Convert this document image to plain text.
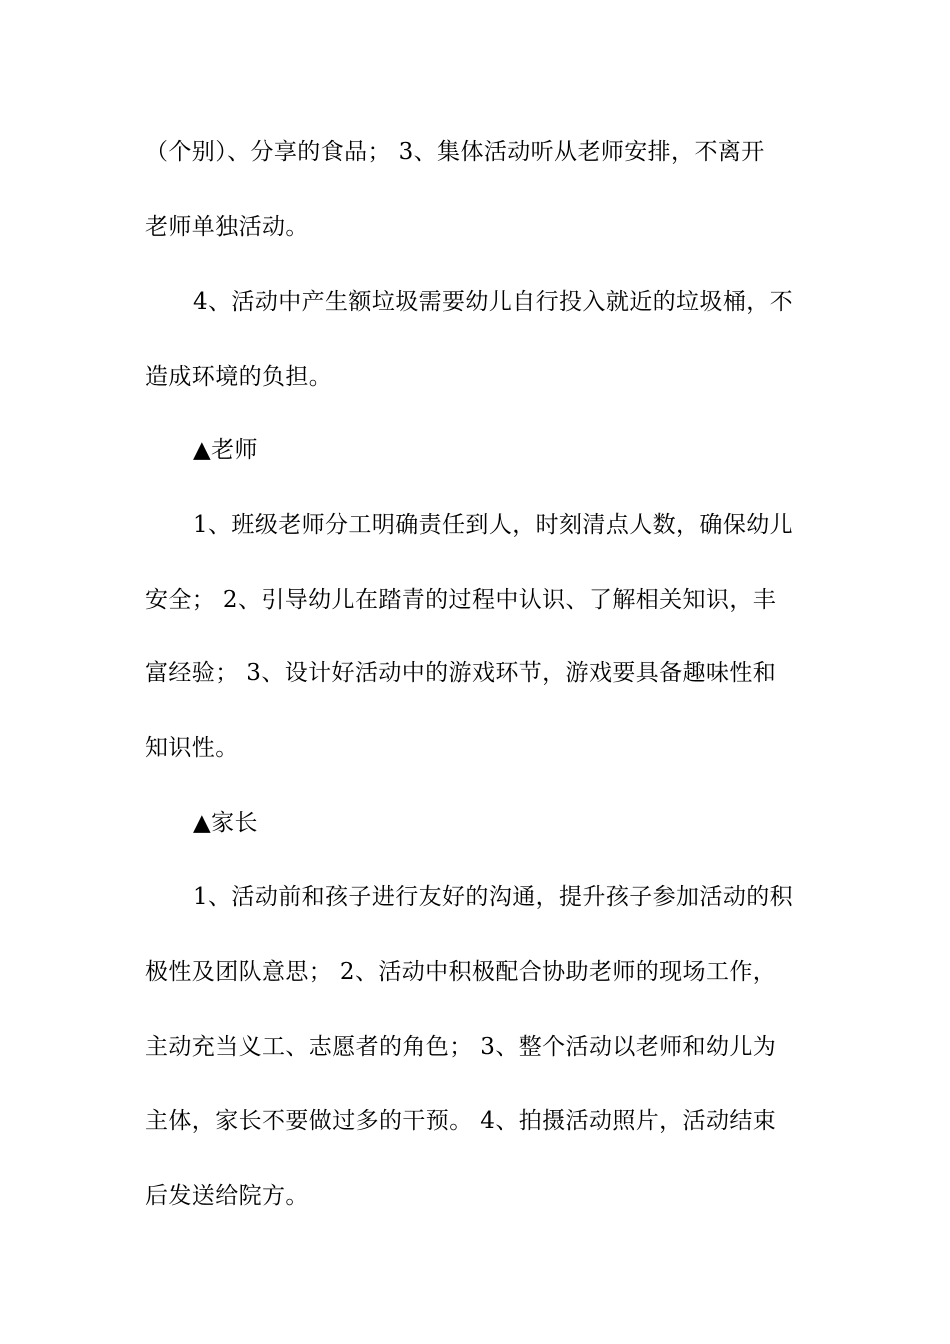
（个别）、分享的食品； 3、集体活动听从老师安排，不离开
老师单独活动。
4、活动中产生额垃圾需要幼儿自行投入就近的垃圾桶，不
造成环境的负担。
▲老师
1、班级老师分工明确责任到人，时刻清点人数，确保幼儿
安全； 2、引导幼儿在踏青的过程中认识、了解相关知识，丰
富经验； 3、设计好活动中的游戏环节，游戏要具备趣味性和
知识性。
▲家长
1、活动前和孩子进行友好的沟通，提升孩子参加活动的积
极性及团队意思； 2、活动中积极配合协助老师的现场工作，
主动充当义工、志愿者的角色； 3、整个活动以老师和幼儿为
主体，家长不要做过多的干预。 4、拍摄活动照片，活动结束
后发送给院方。
